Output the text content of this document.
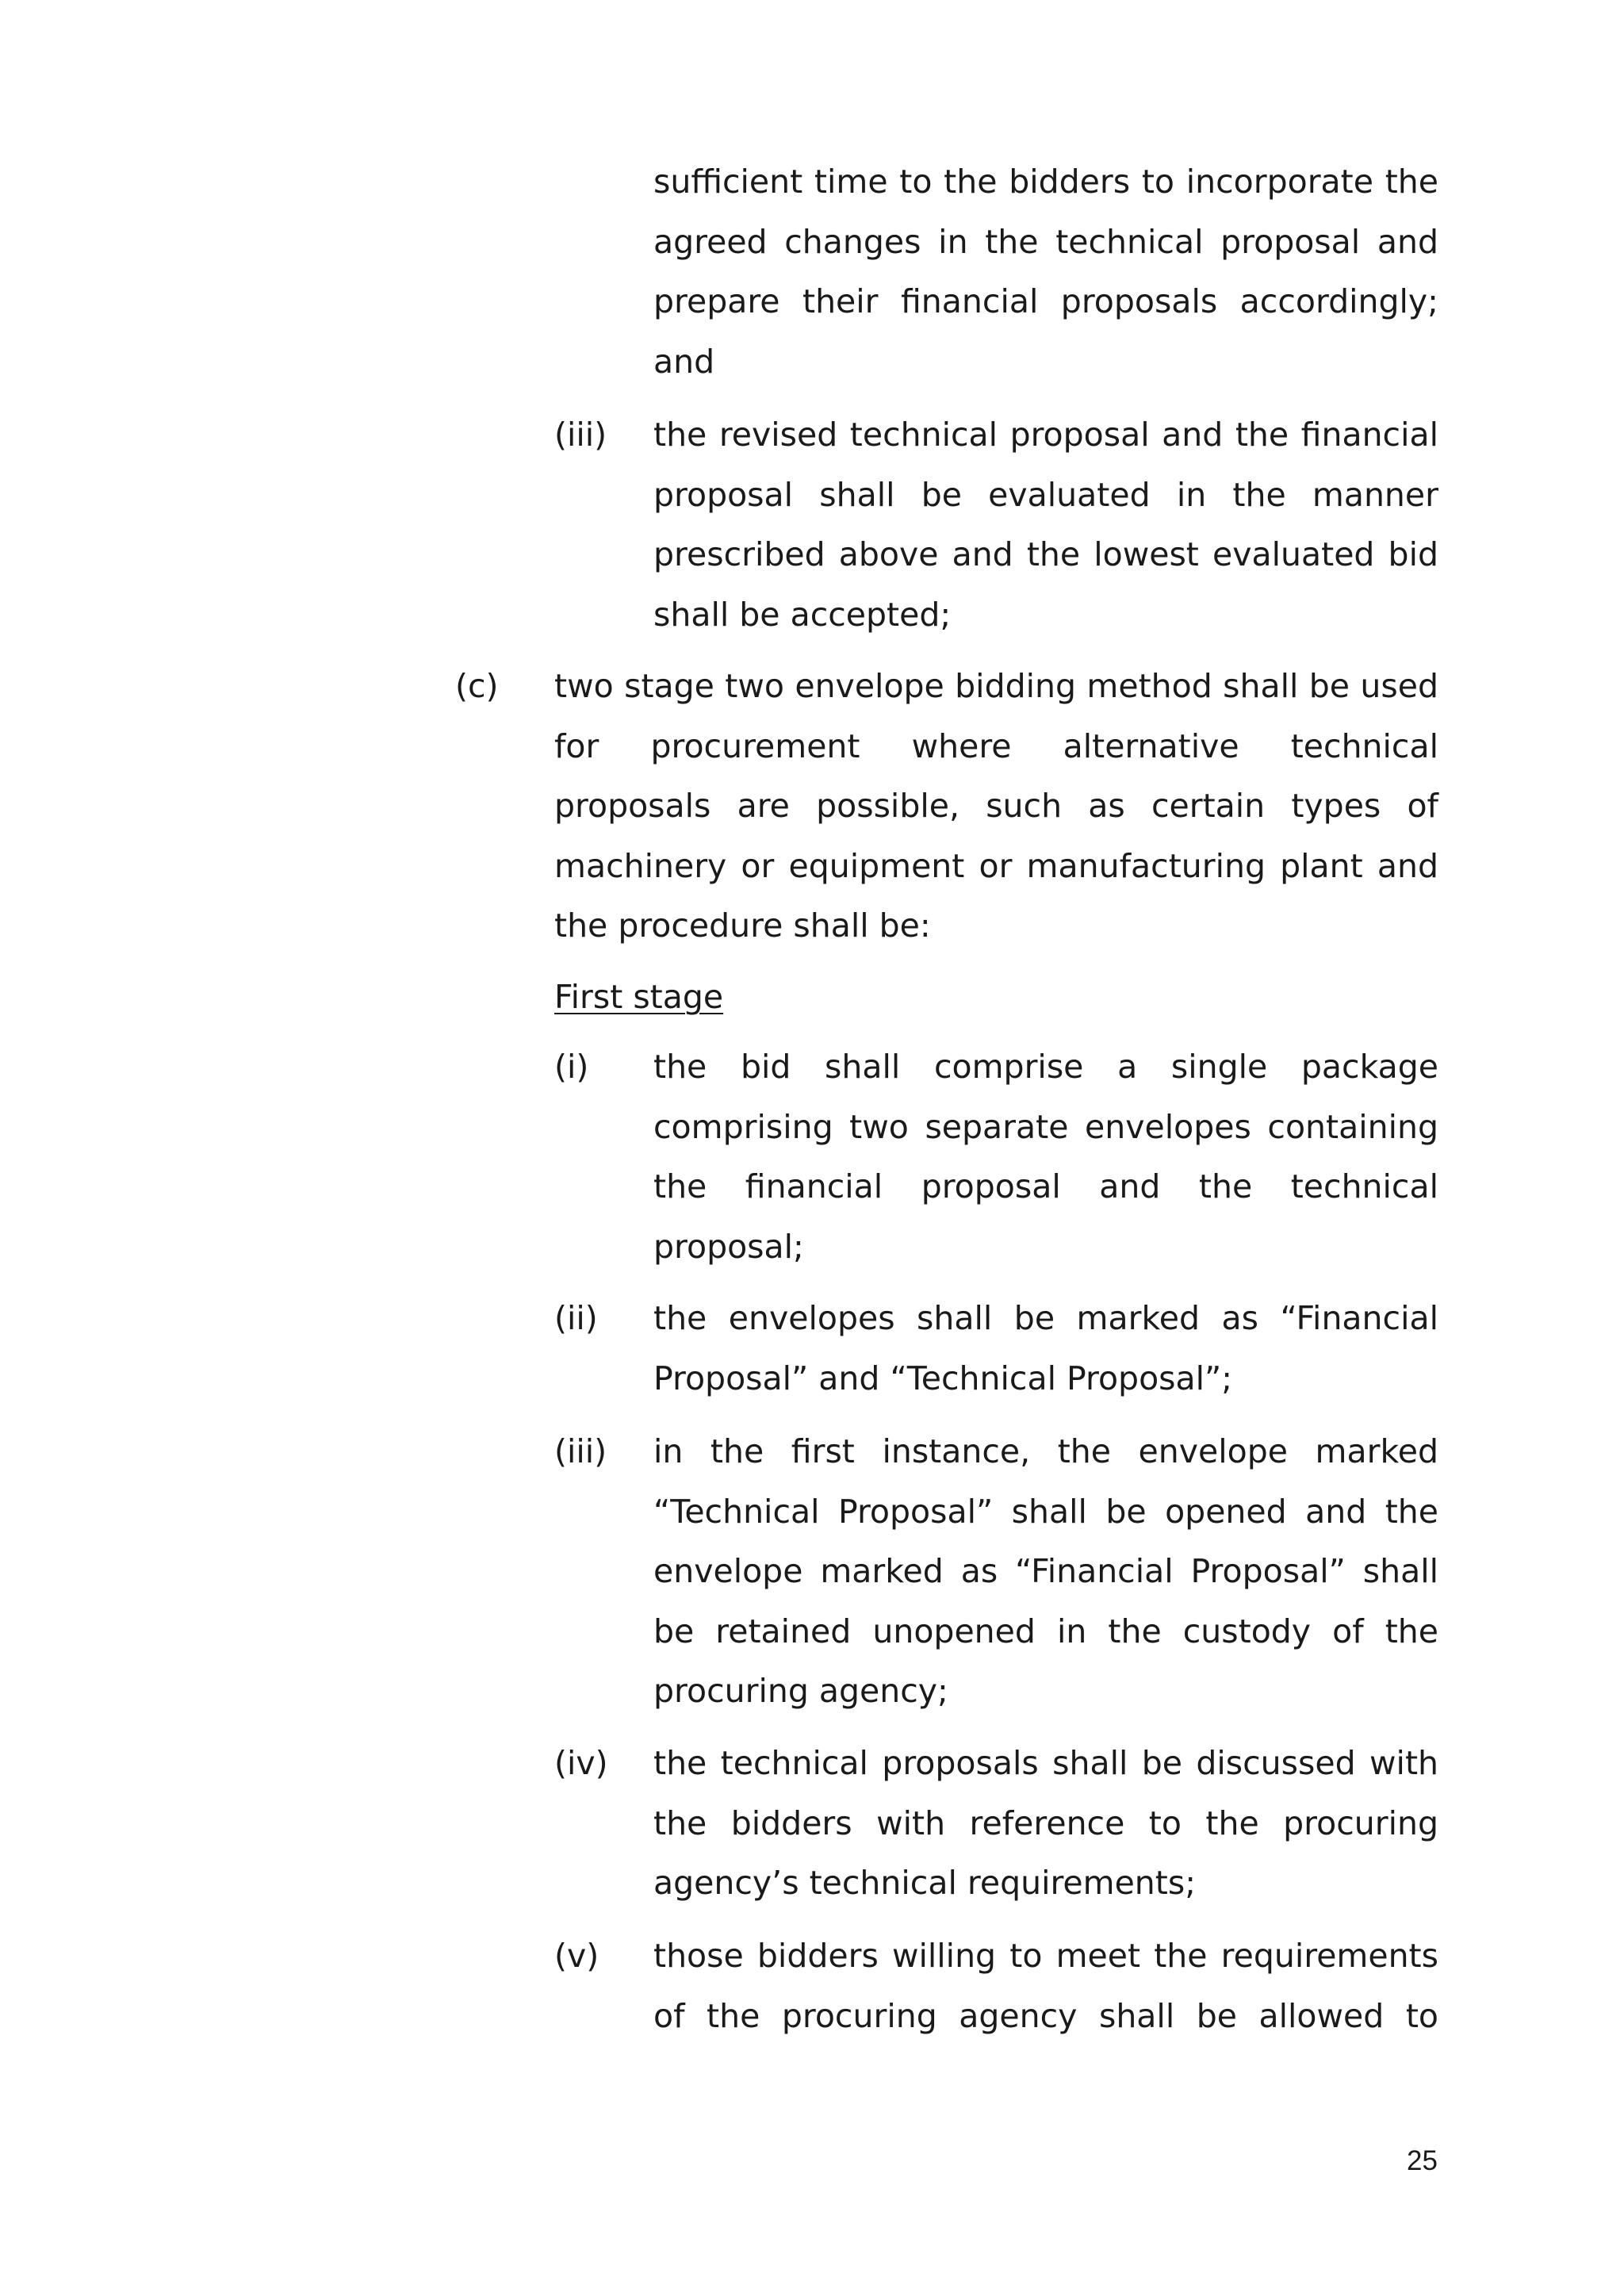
sufficient time to the bidders to incorporate the agreed changes in the technical proposal and prepare their financial proposals accordingly; and
(iii) the revised technical proposal and the financial proposal shall be evaluated in the manner prescribed above and the lowest evaluated bid shall be accepted;
(c) two stage two envelope bidding method shall be used for procurement where alternative technical proposals are possible, such as certain types of machinery or equipment or manufacturing plant and the procedure shall be:
First stage
(i) the bid shall comprise a single package comprising two separate envelopes containing the financial proposal and the technical proposal;
(ii) the envelopes shall be marked as “Financial Proposal” and “Technical Proposal”;
(iii) in the first instance, the envelope marked “Technical Proposal” shall be opened and the envelope marked as “Financial Proposal” shall be retained unopened in the custody of the procuring agency;
(iv) the technical proposals shall be discussed with the bidders with reference to the procuring agency’s technical requirements;
(v) those bidders willing to meet the requirements of the procuring agency shall be allowed to
25
